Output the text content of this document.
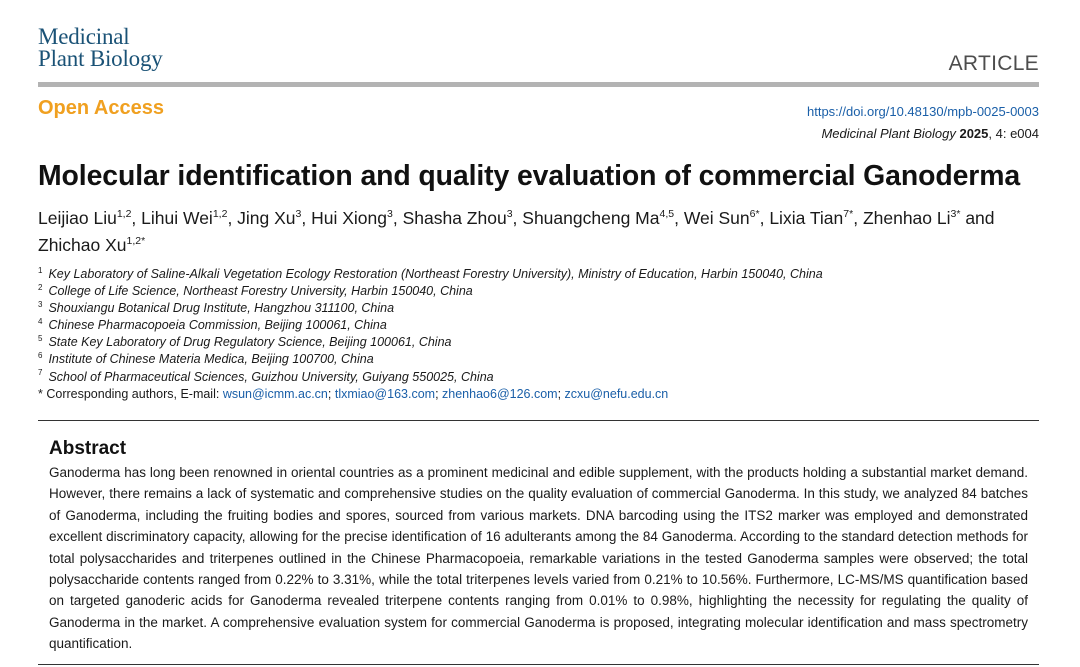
Medicinal
Plant Biology	ARTICLE
Open Access	https://doi.org/10.48130/mpb-0025-0003
Medicinal Plant Biology 2025, 4: e004
Molecular identification and quality evaluation of commercial Ganoderma
Leijiao Liu$^{1,2}$, Lihui Wei$^{1,2}$, Jing Xu$^3$, Hui Xiong$^3$, Shasha Zhou$^3$, Shuangcheng Ma$^{4,5}$, Wei Sun$^{6*}$, Lixia Tian$^{7*}$, Zhenhao $Li^{3*}$ and Zhichao $Xu^{1,2*}$
$^1$ Key Laboratory of Saline-Alkali Vegetation Ecology Restoration (Northeast Forestry University), Ministry of Education, Harbin 150040, China
$^2$ College of Life Science, Northeast Forestry University, Harbin 150040, China
$^3$ Shouxiangu Botanical Drug Institute, Hangzhou 311100, China
$^4$ Chinese Pharmacopoeia Commission, Beijing 100061, China
$^5$ State Key Laboratory of Drug Regulatory Science, Beijing 100061, China
$^6$ Institute of Chinese Materia Medica, Beijing 100700, China
$^7$ School of Pharmaceutical Sciences, Guizhou University, Guiyang 550025, China
* Corresponding authors, E-mail: wsun@icmm.ac.cn; tlxmiao@163.com; zhenhao6@126.com; zcxu@nefu.edu.cn
Abstract

Ganoderma has long been renowned in oriental countries as a prominent medicinal and edible supplement, with the products holding a substantial market demand. However, there remains a lack of systematic and comprehensive studies on the quality evaluation of commercial Ganoderma. In this study, we analyzed 84 batches of Ganoderma, including the fruiting bodies and spores, sourced from various markets. DNA barcoding using the ITS2 marker was employed and demonstrated excellent discriminatory capacity, allowing for the precise identification of 16 adulterants among the 84 Ganoderma. According to the standard detection methods for total polysaccharides and triterpenes outlined in the Chinese Pharmacopoeia, remarkable variations in the tested Ganoderma samples were observed; the total polysaccharide contents ranged from 0.22% to 3.31%, while the total triterpenes levels varied from 0.21% to 10.56%. Furthermore, LC-MS/MS quantification based on targeted ganoderic acids for Ganoderma revealed triterpene contents ranging from 0.01% to 0.98%, highlighting the necessity for regulating the quality of Ganoderma in the market. A comprehensive evaluation system for commercial Ganoderma is proposed, integrating molecular identification and mass spectrometry quantification.
